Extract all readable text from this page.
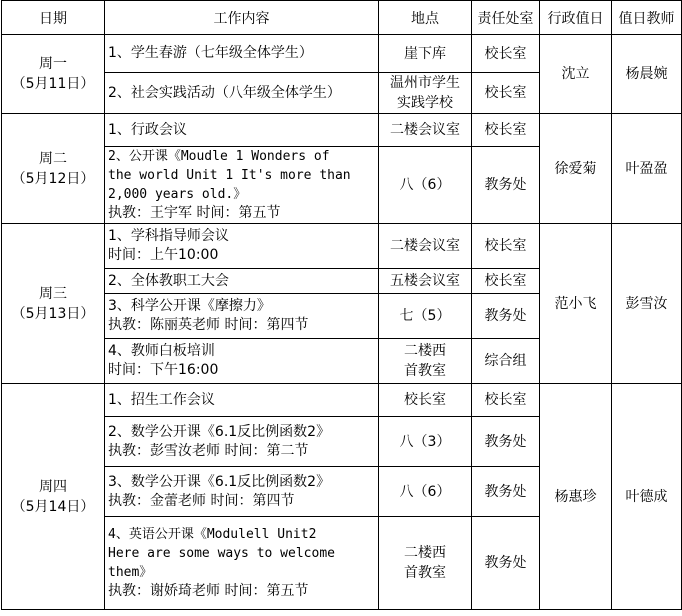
日期	工作内容	地点	责任处室	行政值日	值日教师

周一
（5月11日）	1、学生春游（七年级全体学生）	崖下库	校长室	沈立	杨晨婉

	2、社会实践活动（八年级全体学生）	温州市学生实践学校	校长室		

周二
（5月12日）	1、行政会议	二楼会议室	校长室	徐爱菊	叶盈盈

	2、公开课《Moudle 1 Wonders of
the world Unit 1 It's more than
2,000 years old.》
执教：王宇军 时间：第五节	八（6）	教务处		

周三
（5月13日）	1、学科指导师会议
时间：上午10:00	二楼会议室	校长室	范小飞	彭雪汝

	2、全体教职工大会	五楼会议室	校长室		

	3、科学公开课《摩擦力》
执教：陈丽英老师 时间：第四节	七（5）	教务处		

	4、教师白板培训
时间：下午16:00	二楼西首教室	综合组		

周四
（5月14日）	1、招生工作会议	校长室	校长室	杨惠珍	叶德成

	2、数学公开课《6.1反比例函数2》
执教：彭雪汝老师 时间：第二节	八（3）	教务处		

	3、数学公开课《6.1反比例函数2》
执教：金蕾老师 时间：第四节	八（6）	教务处		

	4、英语公开课《Modulell Unit2
Here are some ways to welcome
them》
执教：谢娇琦老师 时间：第五节	二楼西首教室	教务处		
